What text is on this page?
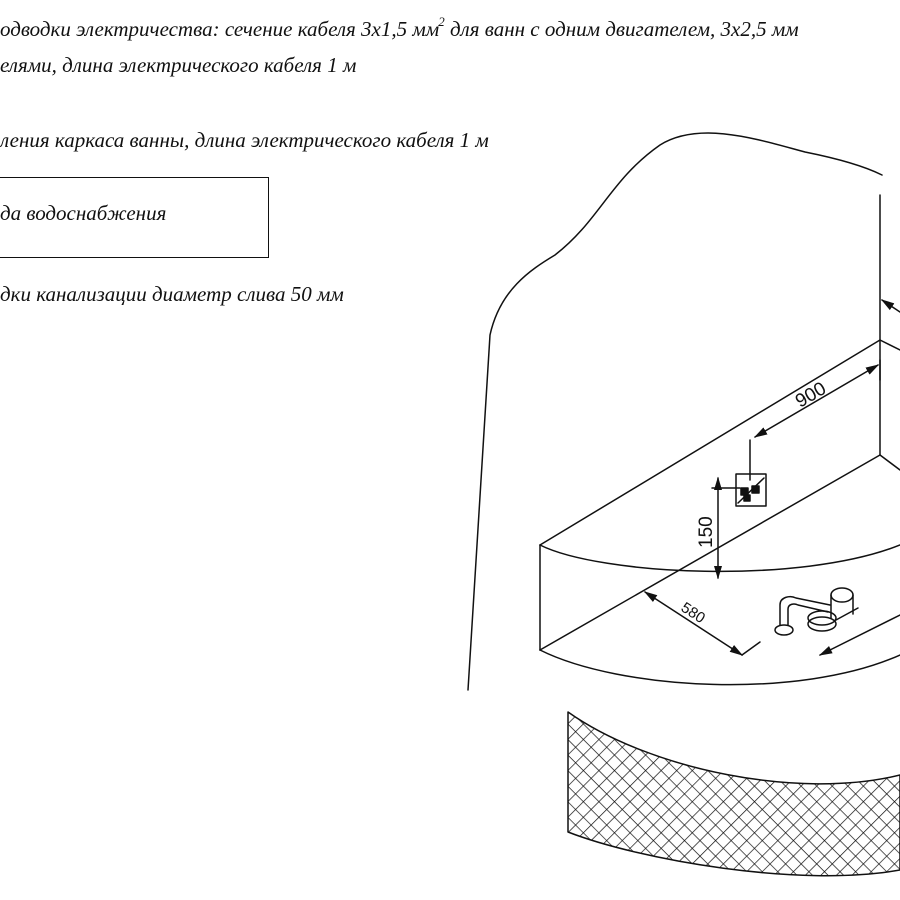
одводки электричества: сечение кабеля 3х1,5 $мм^2$ для ванн с одним двигателем, 3х2,5 мм

елями, длина электрического кабеля 1 м

ления каркаса ванны, длина электрического кабеля 1 м

да водоснабжения

дки канализации диаметр слива 50 мм

900
150
580
